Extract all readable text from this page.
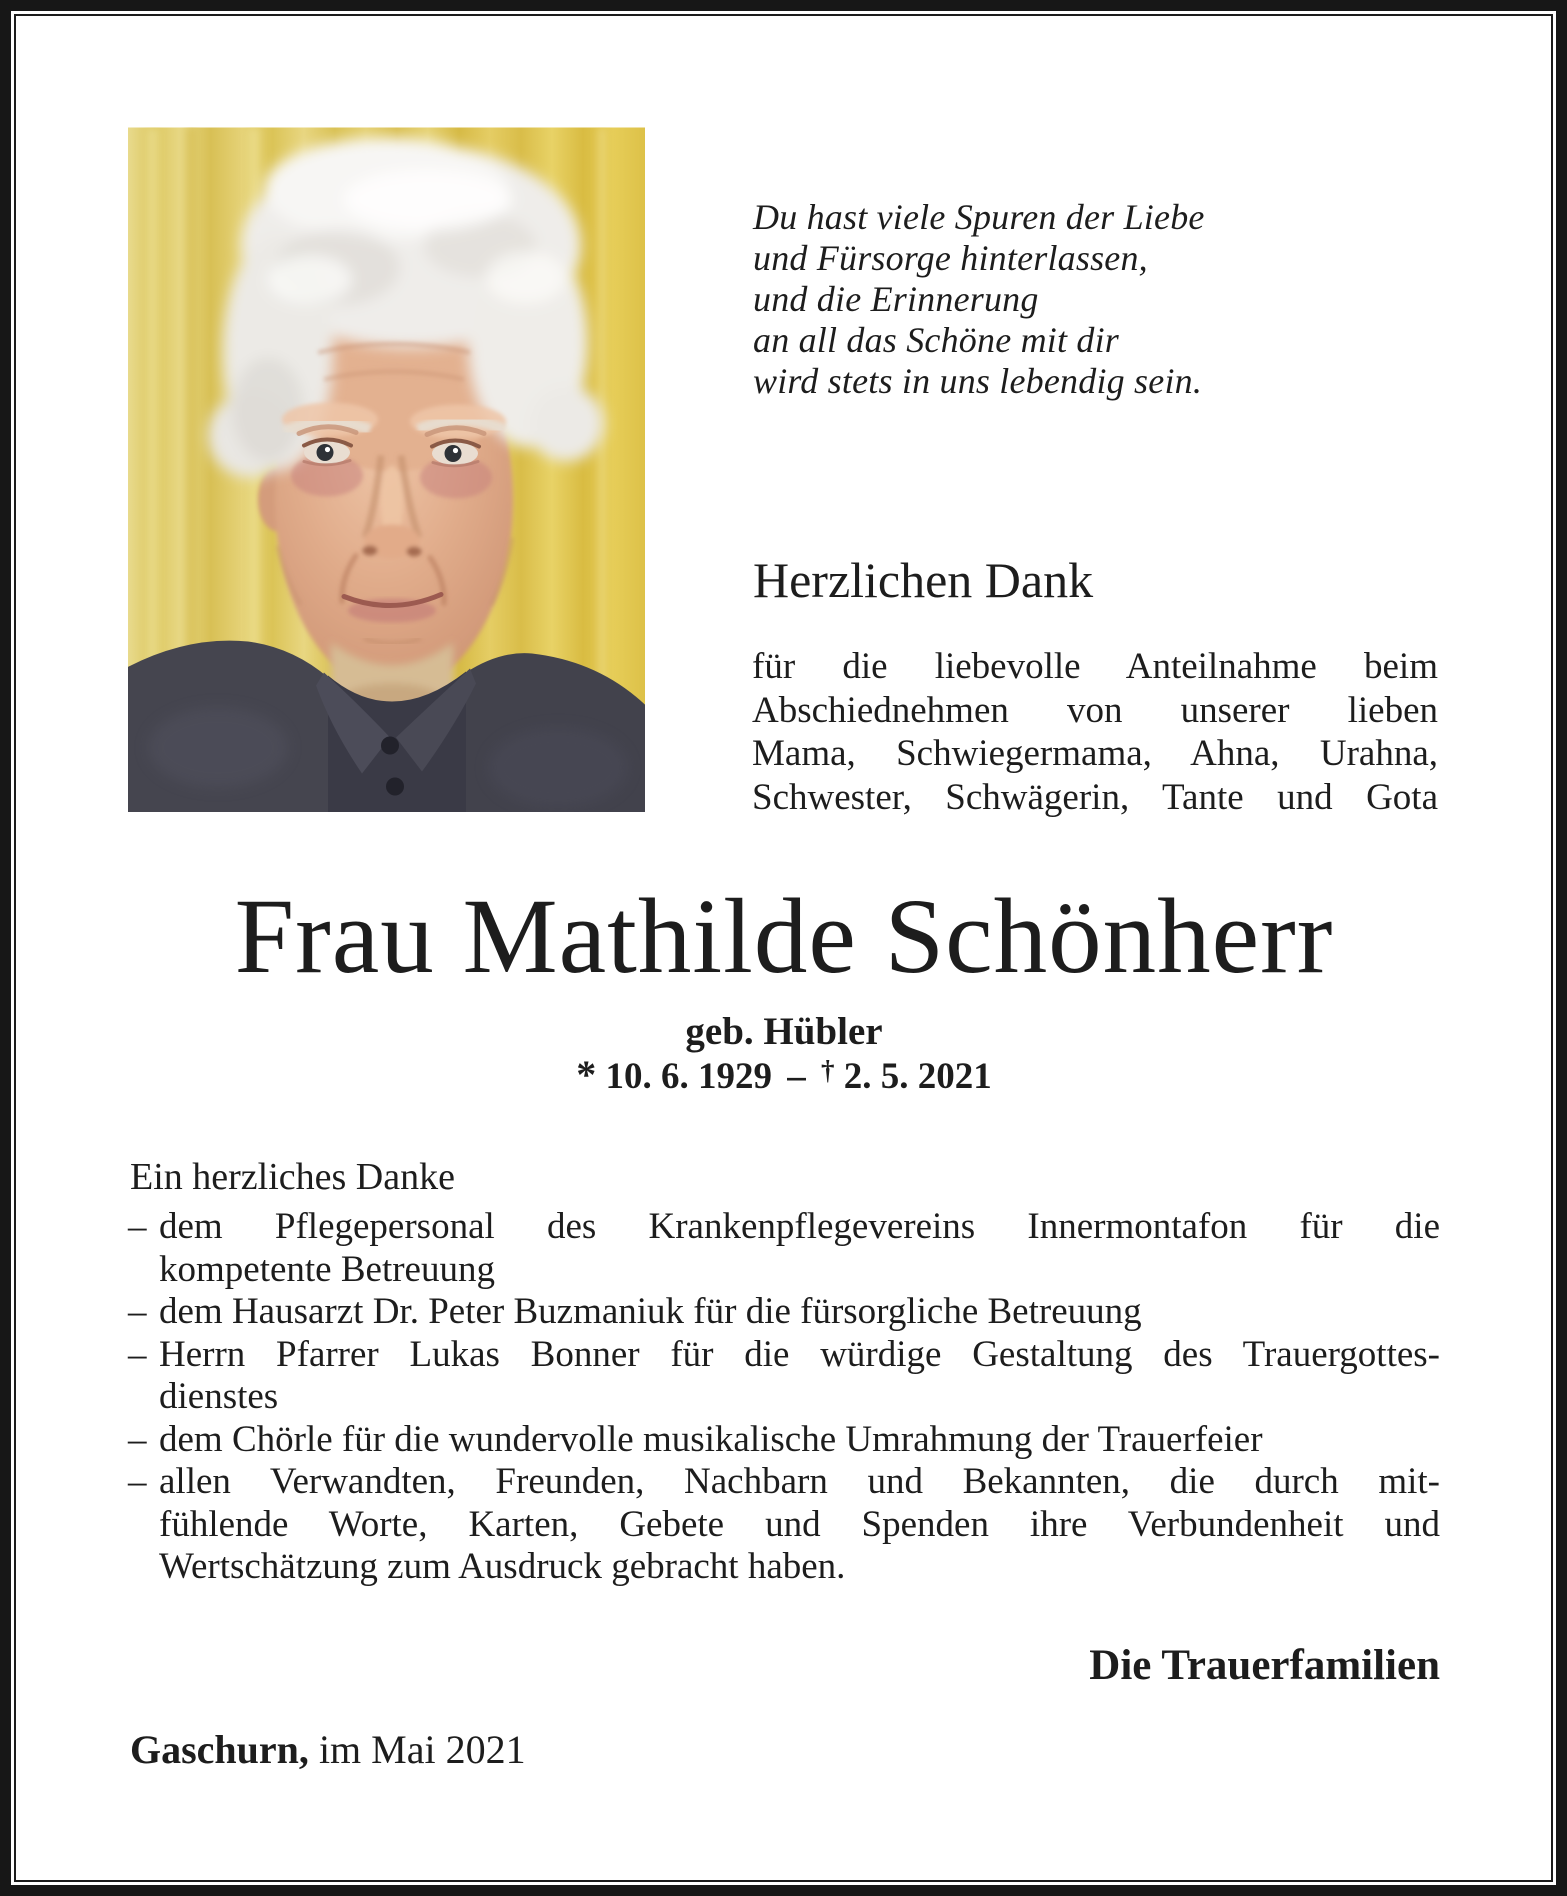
Du hast viele Spuren der Liebe
und Fürsorge hinterlassen,
und die Erinnerung
an all das Schöne mit dir
wird stets in uns lebendig sein.
Herzlichen Dank
für die liebevolle Anteilnahme beim
Abschiednehmen von unserer lieben
Mama, Schwiegermama, Ahna, Urahna,
Schwester, Schwägerin, Tante und Gota
Frau Mathilde Schönherr
geb. Hübler
* 10. 6. 1929 – † 2. 5. 2021
Ein herzliches Danke
– dem Pflegepersonal des Krankenpflegevereins Innermontafon für die
kompetente Betreuung
– dem Hausarzt Dr. Peter Buzmaniuk für die fürsorgliche Betreuung
– Herrn Pfarrer Lukas Bonner für die würdige Gestaltung des Trauergottes-
dienstes
– dem Chörle für die wundervolle musikalische Umrahmung der Trauerfeier
– allen Verwandten, Freunden, Nachbarn und Bekannten, die durch mit-
fühlende Worte, Karten, Gebete und Spenden ihre Verbundenheit und
Wertschätzung zum Ausdruck gebracht haben.
Die Trauerfamilien
Gaschurn, im Mai 2021
